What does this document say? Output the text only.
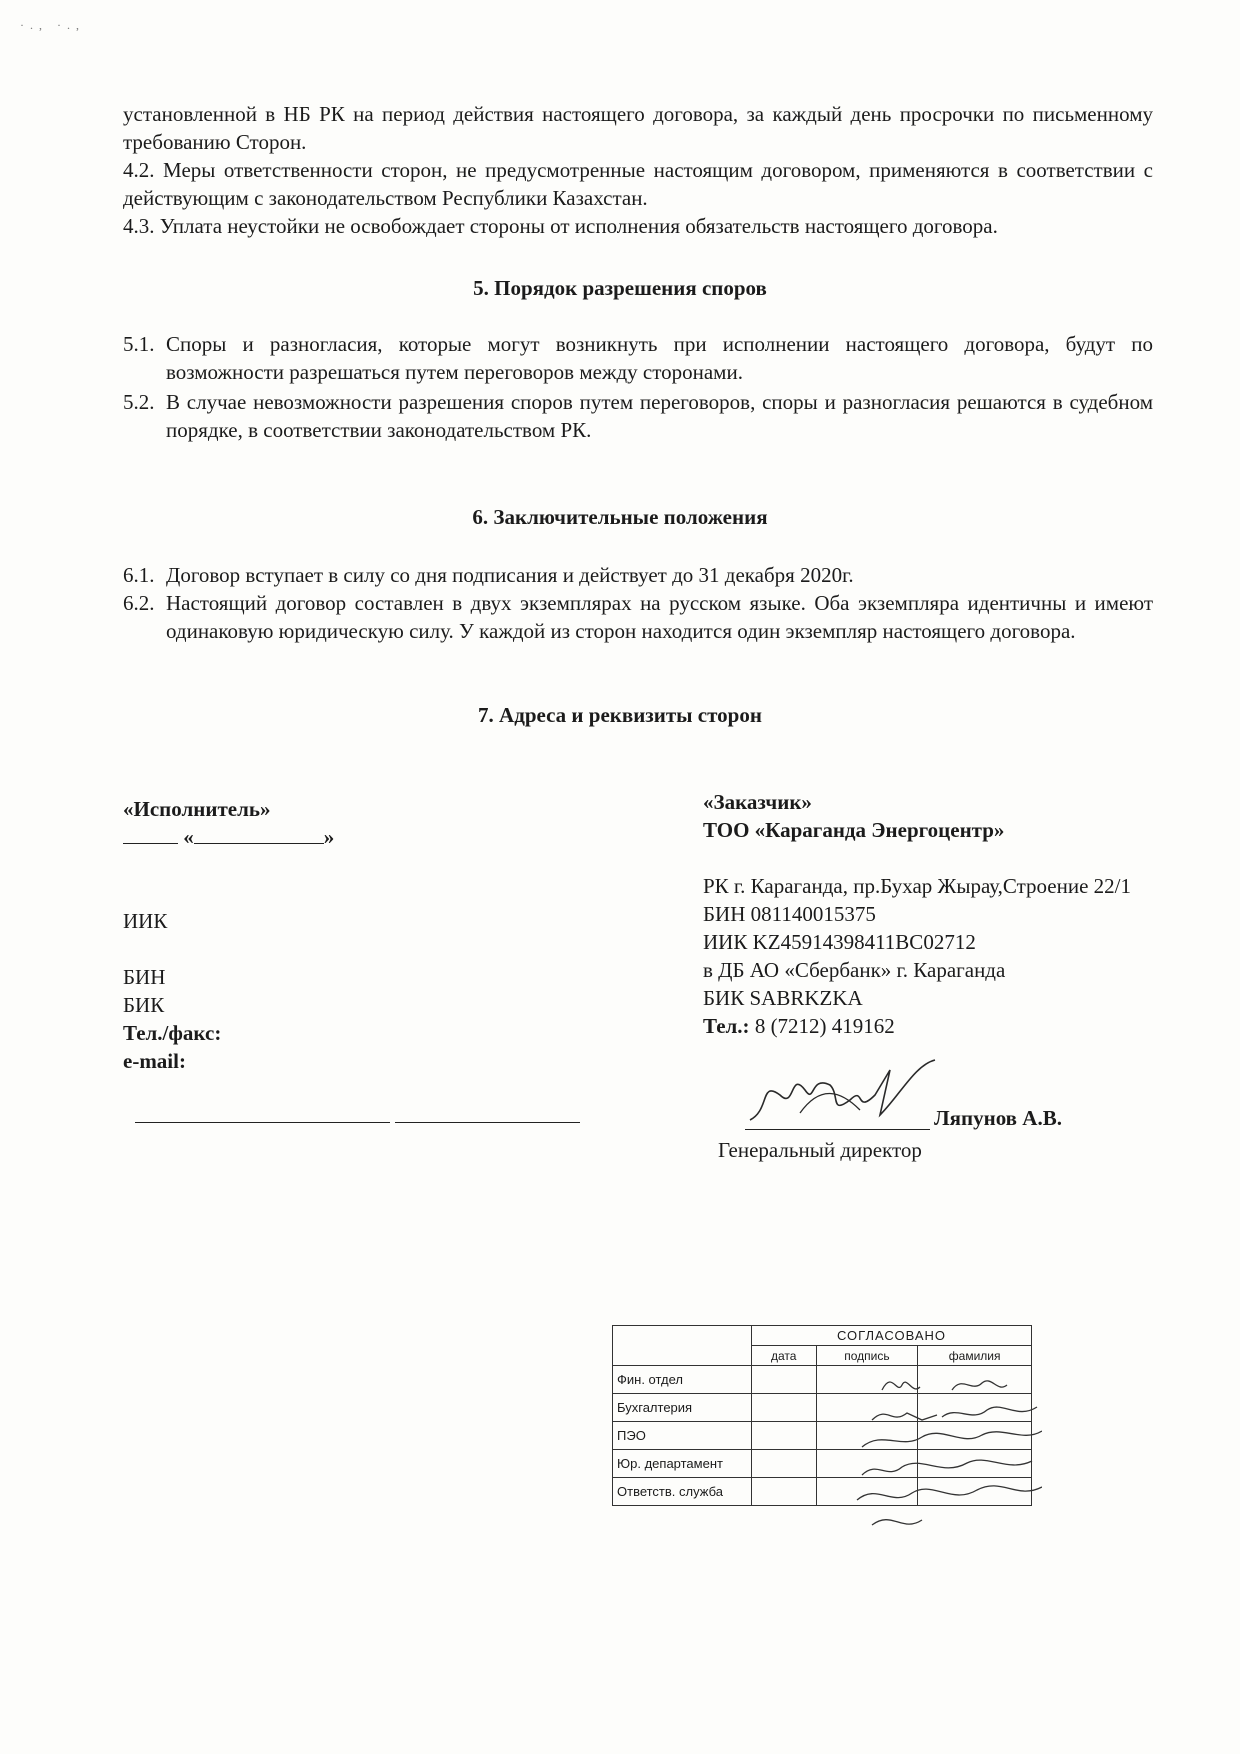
·., ·.,

установленной в НБ РК на период действия настоящего договора, за каждый день просрочки по письменному требованию Сторон.

4.2. Меры ответственности сторон, не предусмотренные настоящим договором, применяются в соответствии с действующим с законодательством Республики Казахстан.

4.3. Уплата неустойки не освобождает стороны от исполнения обязательств настоящего договора.

5. Порядок разрешения споров
5.1. Споры и разногласия, которые могут возникнуть при исполнении настоящего договора, будут по возможности разрешаться путем переговоров между сторонами.
5.2. В случае невозможности разрешения споров путем переговоров, споры и разногласия решаются в судебном порядке, в соответствии законодательством РК.
6. Заключительные положения
6.1. Договор вступает в силу со дня подписания и действует до 31 декабря 2020г.
6.2. Настоящий договор составлен в двух экземплярах на русском языке. Оба экземпляра идентичны и имеют одинаковую юридическую силу. У каждой из сторон находится один экземпляр настоящего договора.
7. Адреса и реквизиты сторон
«Исполнитель»
«	»
ИИК
БИН
БИК
Тел./факс:
e-mail:
«Заказчик»
ТОО «Караганда Энергоцентр»
РК г. Караганда, пр.Бухар Жырау,Строение 22/1
БИН 081140015375
ИИК KZ45914398411BC02712
в ДБ АО «Сбербанк» г. Караганда
БИК SABRKZKA
Тел.: 8 (7212) 419162
Ляпунов А.В.
Генеральный директор
	СОГЛАСОВАНО		
	дата	подпись	фамилия
Фин. отдел			
Бухгалтерия			
ПЭО			
Юр. департамент			
Ответств. служба			
